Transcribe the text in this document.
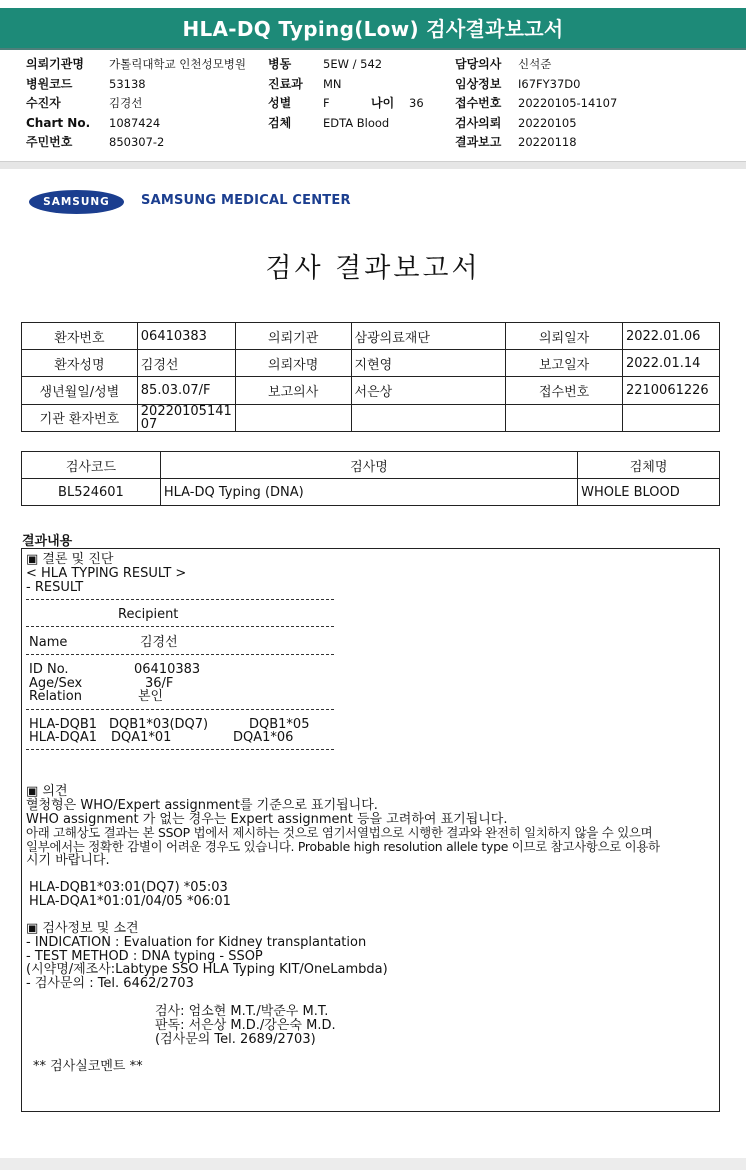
HLA-DQ Typing(Low) 검사결과보고서
의뢰기관명 가톨릭대학교 인천성모병원
병원코드	53138
수진자	김경선
Chart No. 1087424
주민번호	850307-2
병동	5EW / 542
진료과 MN
성별	F	나이 36
검체	EDTA Blood
담당의사 신석준
임상정보 I67FY37D0
접수번호 20220105-14107
검사의뢰 20220105
결과보고 20220118
SAMSUNG	SAMSUNG MEDICAL CENTER
검사 결과보고서
환자번호	06410383	의뢰기관	삼광의료재단	의뢰일자	2022.01.06
환자성명	김경선	의뢰자명	지현영	보고일자	2022.01.14
생년월일/성별	85.03.07/F	보고의사	서은상	접수번호	2210061226
기관 환자번호	20220105141
07				
검사코드	검사명	검체명
BL524601	HLA-DQ Typing (DNA)	WHOLE BLOOD
결과내용
▣ 결론 및 진단
< HLA TYPING RESULT >
- RESULT
Recipient
Name	김경선
ID No.	06410383
Age/Sex	36/F
Relation	본인
HLA-DQB1 DQB1*03(DQ7)	DQB1*05
HLA-DQA1 DQA1*01	DQA1*06
▣ 의견
혈청형은 WHO/Expert assignment를 기준으로 표기됩니다.
WHO assignment 가 없는 경우는 Expert assignment 등을 고려하여 표기됩니다.
아래 고해상도 결과는 본 SSOP 법에서 제시하는 것으로 염기서열법으로 시행한 결과와 완전히 일치하지 않을 수 있으며
일부에서는 정확한 감별이 어려운 경우도 있습니다. Probable high resolution allele type 이므로 참고사항으로 이용하
시기 바랍니다.
HLA-DQB1*03:01(DQ7) *05:03
HLA-DQA1*01:01/04/05 *06:01
▣ 검사정보 및 소견
- INDICATION : Evaluation for Kidney transplantation
- TEST METHOD : DNA typing - SSOP
(시약명/제조사:Labtype SSO HLA Typing KIT/OneLambda)
- 검사문의 : Tel. 6462/2703
검사: 엄소현 M.T./박준우 M.T.
판독: 서은상 M.D./강은숙 M.D.
(검사문의 Tel. 2689/2703)
** 검사실코멘트 **
